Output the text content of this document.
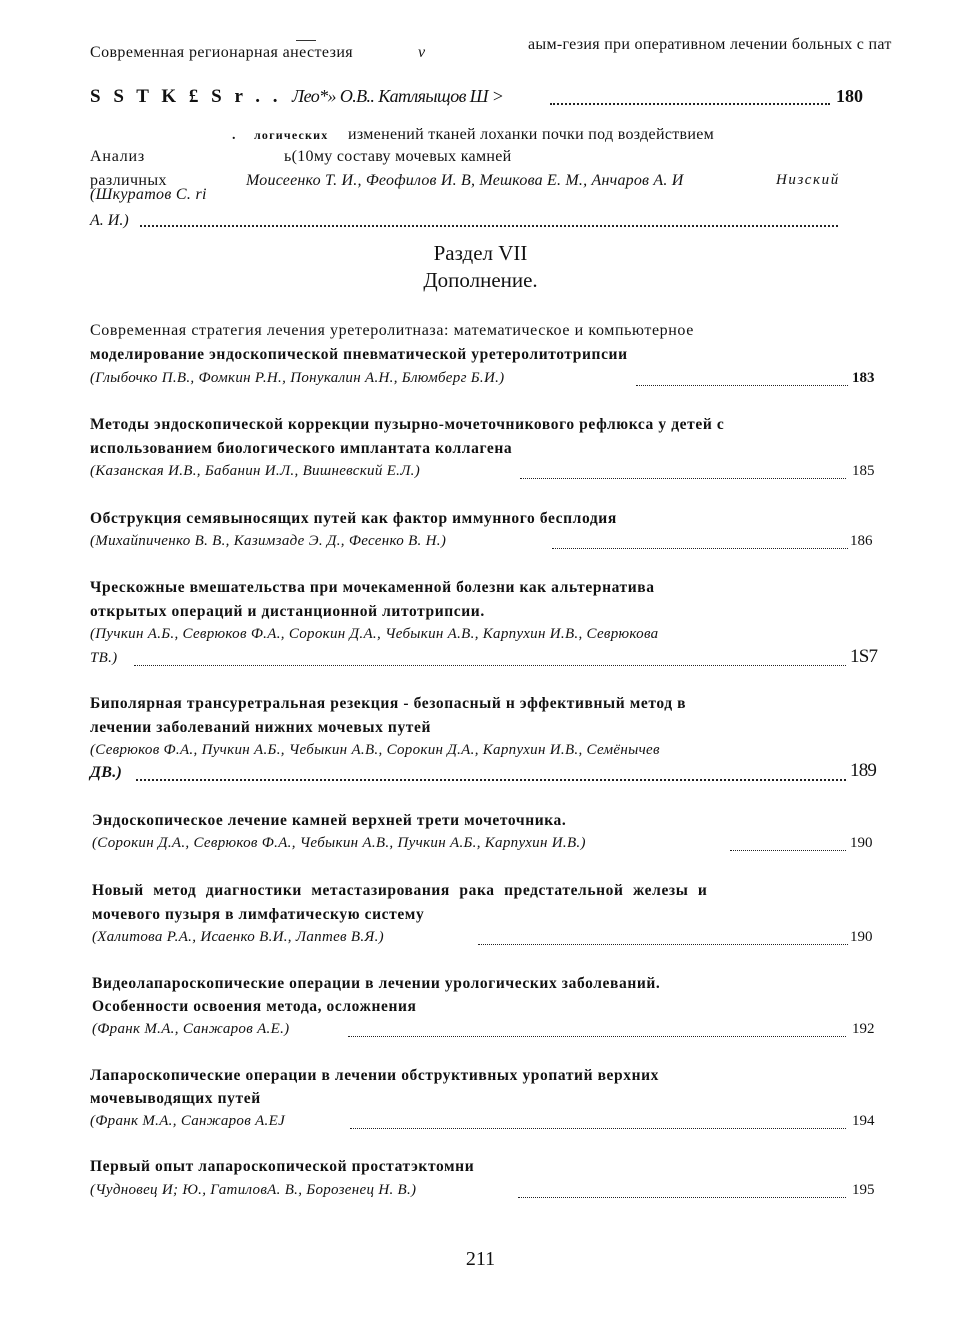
Современная регионарная анестезия	v	аым-гезия при оперативном лечении больных с пат
S S T K £ S r . . Лео*» О.В.. Катляыщов Ш >	180
. логических изменений тканей лоханки почки под воздействием
Анализ	ь(10му составу мочевых камней
различных	Моисеенко Т. И., Феофилов И. В, Мешкова Е. М., Анчаров А. И	Низский
(Шкуратов С. ri
А. И.)
Раздел VII
Дополнение.
Современная стратегия лечения уретеролитназа: математическое и компьютерное
моделирование эндоскопической пневматической уретеролитотрипсии
(Глыбочко П.В., Фомкин Р.Н., Понукалин А.Н., Блюмберг Б.И.)	183
Методы эндоскопической коррекции пузырно-мочеточникового рефлюкса у детей с
использованием биологического имплантата коллагена
(Казанская И.В., Бабанин И.Л., Вишневский Е.Л.)	185
Обструкция семявыносящих путей как фактор иммунного бесплодия
(Михайпиченко В. В., Казимзаде Э. Д., Фесенко В. Н.)	186
Чрескожные вмешательства при мочекаменной болезни как альтернатива
открытых операций и дистанционной литотрипсии.
(Пучкин А.Б., Севрюков Ф.А., Сорокин Д.А., Чебыкин А.В., Карпухин И.В., Севрюкова
ТВ.)	1S7
Биполярная трансуретральная резекция - безопасный н эффективный метод в
лечении заболеваний нижних мочевых путей
(Севрюков Ф.А., Пучкин А.Б., Чебыкин А.В., Сорокин Д.А., Карпухин И.В., Семёнычев
ДВ.)	189
Эндоскопическое лечение камней верхней трети мочеточника.
(Сорокин Д.А., Севрюков Ф.А., Чебыкин А.В., Пучкин А.Б., Карпухин И.В.)	190
Новый метод диагностики метастазирования рака предстательной железы и
мочевого пузыря в лимфатическую систему
(Халитова Р.А., Исаенко В.И., Лаптев В.Я.)	190
Видеолапароскопические операции в лечении урологических заболеваний.
Особенности освоения метода, осложнения
(Франк М.А., Санжаров А.Е.)	192
Лапароскопические операции в лечении обструктивных уропатий верхних
мочевыводящих путей
(Франк М.А., Санжаров А.EJ	194
Первый опыт лапароскопической простатэктомни
(Чудновец И; Ю., ГатиловА. В., Борозенец Н. В.)	195
211
